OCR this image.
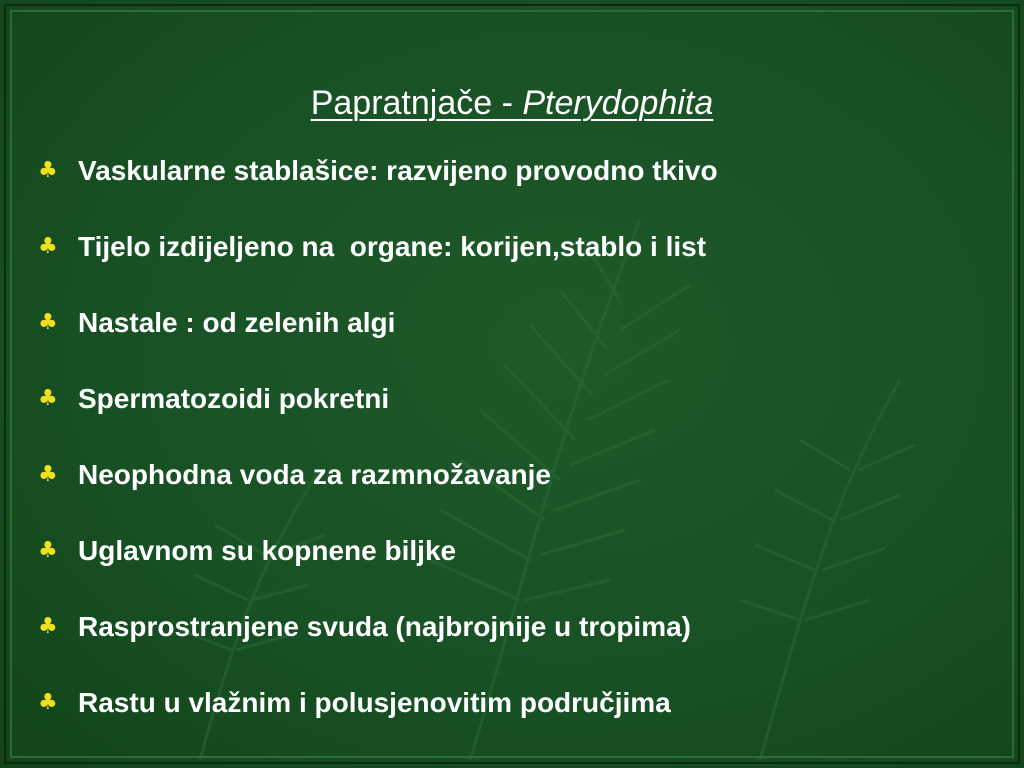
Papratnjače - Pterydophita
♣ Vaskularne stablašice: razvijeno provodno tkivo
♣ Tijelo izdijeljeno na  organe: korijen,stablo i list
♣ Nastale : od zelenih algi
♣ Spermatozoidi pokretni
♣ Neophodna voda za razmnožavanje
♣ Uglavnom su kopnene biljke
♣ Rasprostranjene svuda (najbrojnije u tropima)
♣ Rastu u vlažnim i polusjenovitim područjima
